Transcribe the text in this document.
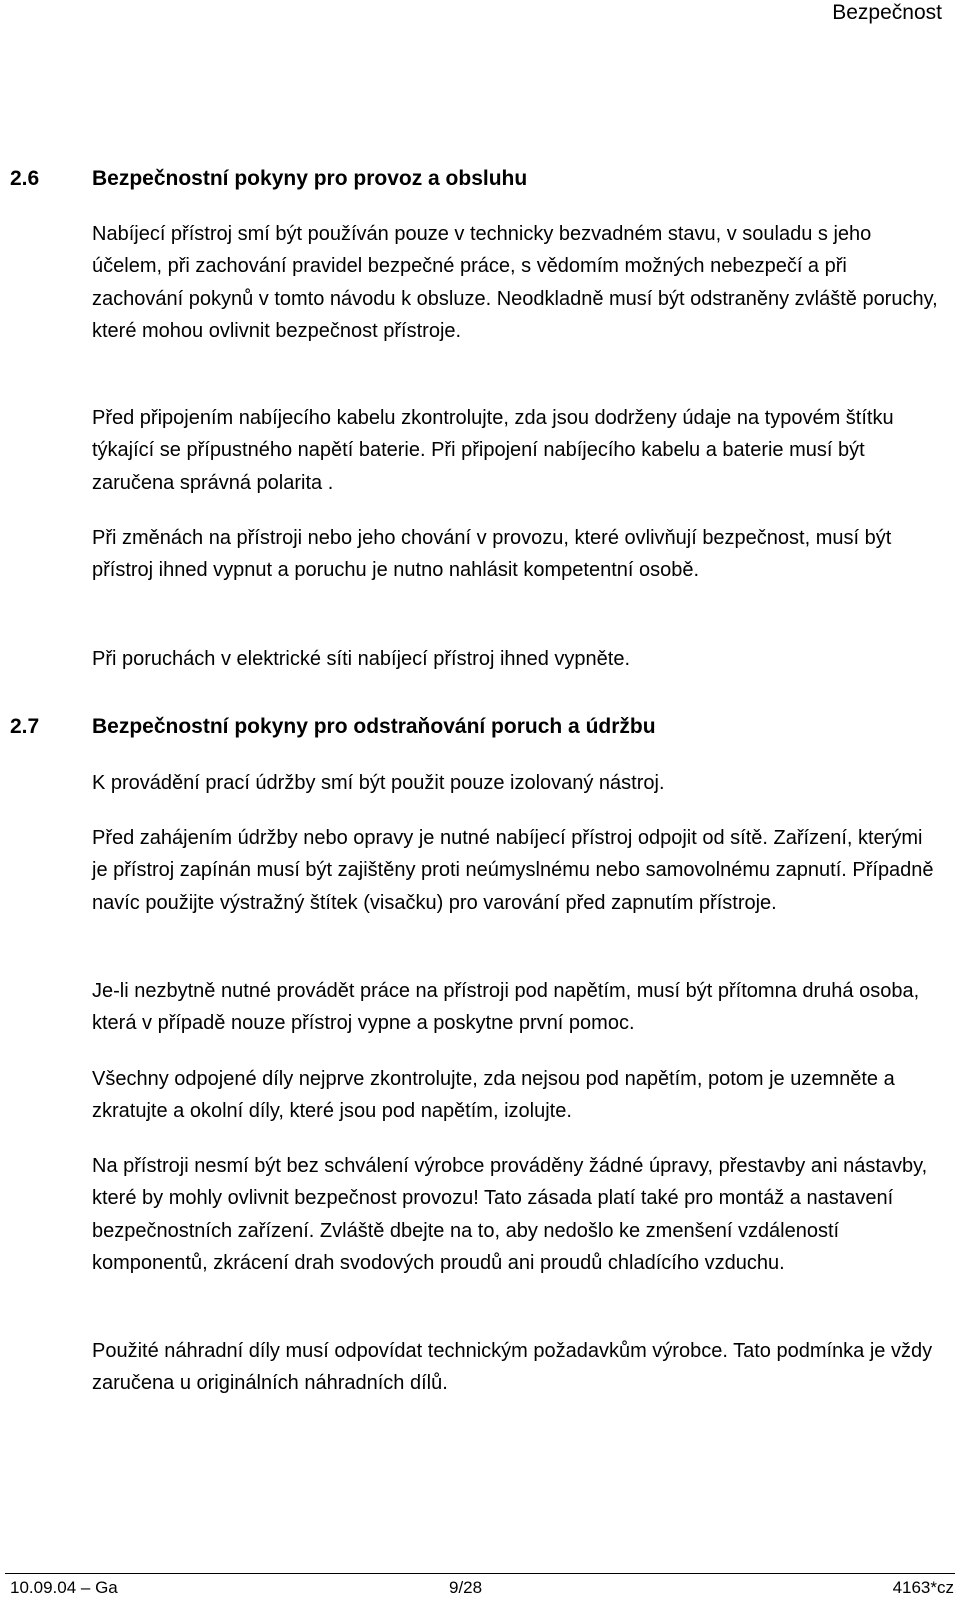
Bezpečnost
2.6	Bezpečnostní pokyny pro provoz a obsluhu

Nabíjecí přístroj smí být používán pouze v technicky bezvadném stavu, v souladu s jeho účelem, při zachování pravidel bezpečné práce, s vědomím možných nebezpečí a při zachování pokynů v tomto návodu k obsluze. Neodkladně musí být odstraněny zvláště poruchy, které mohou ovlivnit bezpečnost přístroje.

Před připojením nabíjecího kabelu zkontrolujte, zda jsou dodrženy údaje na typovém štítku týkající se přípustného napětí baterie. Při připojení nabíjecího kabelu a baterie musí být zaručena správná polarita .

Při změnách na přístroji nebo jeho chování v provozu, které ovlivňují bezpečnost, musí být přístroj ihned vypnut a poruchu je nutno nahlásit kompetentní osobě.

Při poruchách v elektrické síti nabíjecí přístroj ihned vypněte.

2.7	Bezpečnostní pokyny pro odstraňování poruch a údržbu

K provádění prací údržby smí být použit pouze izolovaný nástroj.

Před zahájením údržby nebo opravy je nutné nabíjecí přístroj odpojit od sítě. Zařízení, kterými je přístroj zapínán musí být zajištěny proti neúmyslnému nebo samovolnému zapnutí. Případně navíc použijte výstražný štítek (visačku) pro varování před zapnutím přístroje.

Je-li nezbytně nutné provádět práce na přístroji pod napětím, musí být přítomna druhá osoba, která v případě nouze přístroj vypne a poskytne první pomoc.

Všechny odpojené díly nejprve zkontrolujte, zda nejsou pod napětím, potom je uzemněte a zkratujte a okolní díly, které jsou pod napětím, izolujte.

Na přístroji nesmí být bez schválení výrobce prováděny žádné úpravy, přestavby ani nástavby, které by mohly ovlivnit bezpečnost provozu! Tato zásada platí také pro montáž a nastavení bezpečnostních zařízení. Zvláště dbejte na to, aby nedošlo ke zmenšení vzdáleností komponentů, zkrácení drah svodových proudů ani proudů chladícího vzduchu.

Použité náhradní díly musí odpovídat technickým požadavkům výrobce. Tato podmínka je vždy zaručena u originálních náhradních dílů.

10.09.04 – Ga	9/28	4163*cz
